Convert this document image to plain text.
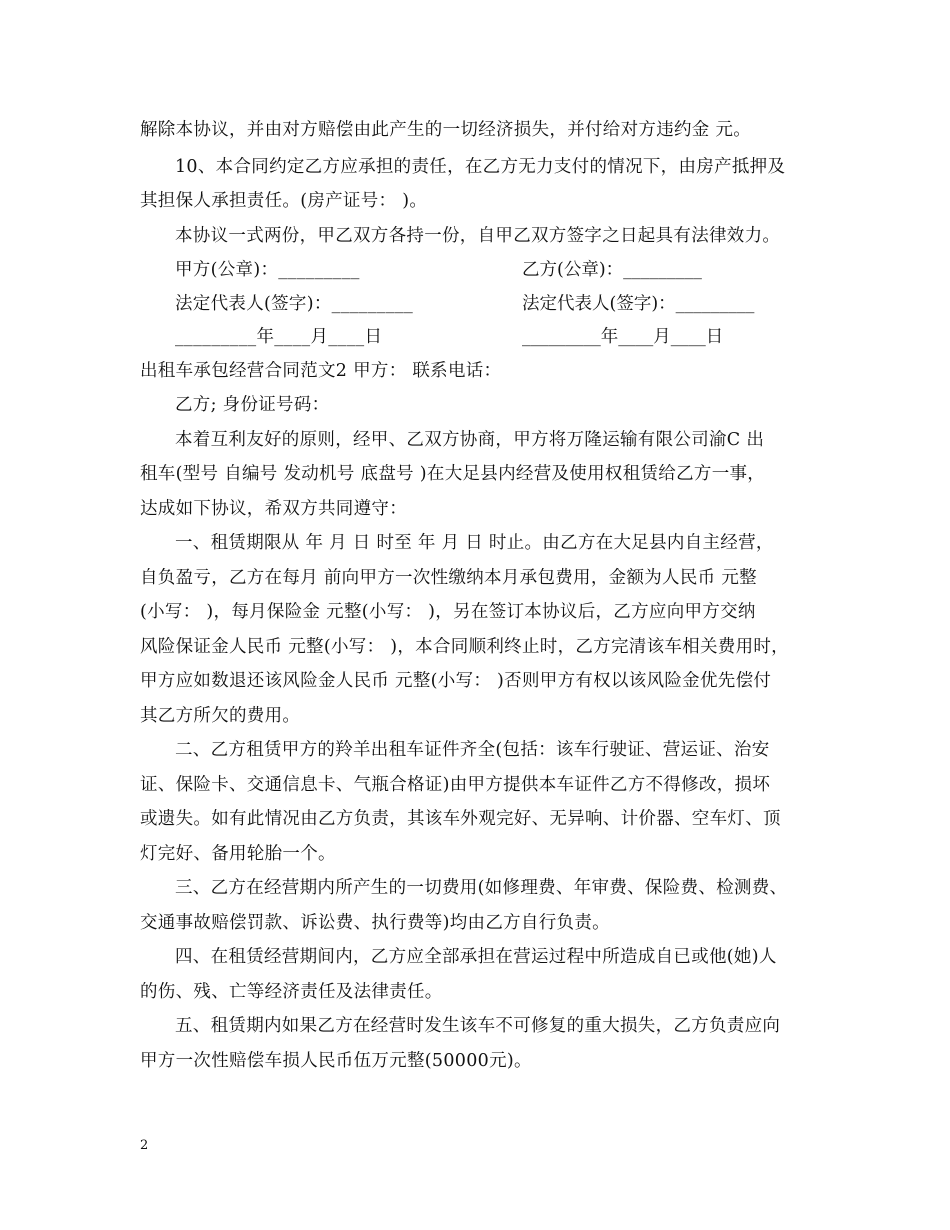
解除本协议，并由对方赔偿由此产生的一切经济损失，并付给对方违约金 元。
10、本合同约定乙方应承担的责任，在乙方无力支付的情况下，由房产抵押及
其担保人承担责任。(房产证号： )。
本协议一式两份，甲乙双方各持一份，自甲乙双方签字之日起具有法律效力。
甲方(公章)：_________	乙方(公章)：_________
法定代表人(签字)：_________	法定代表人(签字)：_________
_________年____月____日	_________年____月____日
出租车承包经营合同范文2 甲方： 联系电话：
乙方; 身份证号码：
本着互利友好的原则，经甲、乙双方协商，甲方将万隆运输有限公司渝C 出
租车(型号 自编号 发动机号 底盘号 )在大足县内经营及使用权租赁给乙方一事，
达成如下协议，希双方共同遵守：
一、租赁期限从 年 月 日 时至 年 月 日 时止。由乙方在大足县内自主经营，
自负盈亏，乙方在每月 前向甲方一次性缴纳本月承包费用，金额为人民币 元整
(小写： )，每月保险金 元整(小写： )，另在签订本协议后，乙方应向甲方交纳
风险保证金人民币 元整(小写： )，本合同顺利终止时，乙方完清该车相关费用时，
甲方应如数退还该风险金人民币 元整(小写： )否则甲方有权以该风险金优先偿付
其乙方所欠的费用。
二、乙方租赁甲方的羚羊出租车证件齐全(包括：该车行驶证、营运证、治安
证、保险卡、交通信息卡、气瓶合格证)由甲方提供本车证件乙方不得修改，损坏
或遗失。如有此情况由乙方负责，其该车外观完好、无异响、计价器、空车灯、顶
灯完好、备用轮胎一个。
三、乙方在经营期内所产生的一切费用(如修理费、年审费、保险费、检测费、
交通事故赔偿罚款、诉讼费、执行费等)均由乙方自行负责。
四、在租赁经营期间内，乙方应全部承担在营运过程中所造成自已或他(她)人
的伤、残、亡等经济责任及法律责任。
五、租赁期内如果乙方在经营时发生该车不可修复的重大损失，乙方负责应向
甲方一次性赔偿车损人民币伍万元整(50000元)。
2
